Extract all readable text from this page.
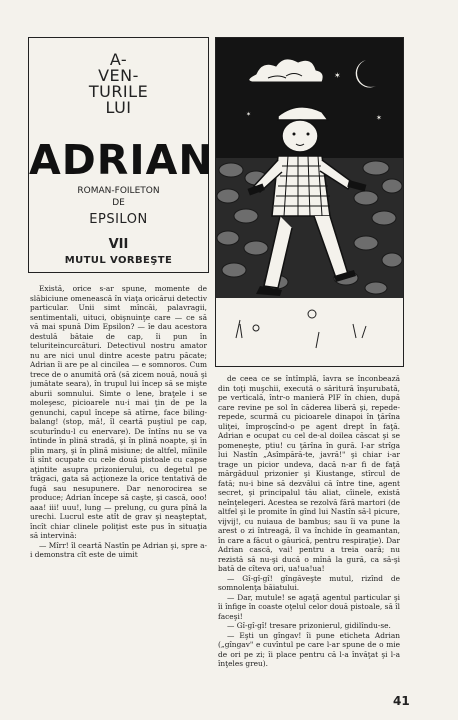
A-
VEN-
TURILE
LUI
ADRIAN
ROMAN-FOILETON
DE
EPSILON
VII
MUTUL VORBEŞTE
✶
✶	✶

Există, orice s-ar spune, momente de slăbiciune omenească în viaţa oricărui detectiv particular. Unii simt mîncăi, palavragii, sentimentali, uituci, obişnuinţe care — ce să vă mai spună Dim Epsilon? — îe dau acestora destulă bătaie de cap, îi pun în teluriteincurcături. Detectivul nostru amator nu are nici unul dintre aceste patru păcate; Adrian îi are pe al cincilea — e somnoros. Cum trece de o anumită oră (să zicem nouă, nouă şi jumătate seara), în trupul lui încep să se mişte aburii somnului. Simte o lene, braţele i se moleşesc, picioarele nu-i mai ţin de pe la genunchi, capul începe să atîrne, face biling-balang! (stop, mă!, îl ceartă puştiul pe cap, scuturîndu-l cu enervare). De întîns nu se va întinde în plină stradă, şi în plină noapte, şi în plin marş, şi în plină misiune; de altfel, mîinile îi sînt ocupate cu cele două pistoale cu capse aţintite asupra prizonierului, cu degetul pe trăgaci, gata să acţioneze la orice tentativă de fugă sau nesupunere. Dar nenorocirea se produce; Adrian începe să caşte, şi cască, ooo! aaa! iii! uuu!, lung — prelung, cu gura pînă la urechi. Lucrul este atît de grav şi neaşteptat, încît chiar clinele poliţist este pus în situaţia să intervină:

— Mîrr! îl ceartă Nastîn pe Adrian şi, spre a-i demonstra cît este de uimit

de ceea ce se întîmplă, îavra se înconbează din toţi muşchii, execută o săritură înşurubată, pe verticală, într-o manieră PIF în chien, după care revine pe sol în căderea liberă şi, repede-repede, scurmă cu picioarele dinapoi în ţărîna uliţei, împroşcînd-o pe agent drept în faţă. Adrian e ocupat cu cel de-al doilea căscat şi se pomeneşte, ptiu! cu ţărîna în gură. I-ar strîga lui Nastîn „Asîmpără-te, javră!" şi chiar i-ar trage un picior undeva, dacă n-ar fi de faţă mărgăduul prizonier şi Kiustange, stîrcul de fată; nu-i bine să dezvălui că între tine, agent secret, şi principalul tău aliat, cîinele, există neînţelegeri. Acestea se rezolvă fără martori (de altfel şi le promite în gînd lui Nastîn să-l picure, vijvij!, cu nuiaua de bambus; sau îi va pune la arest o zi întreagă, îl va închide în geamantan, în care a făcut o găurică, pentru respiraţie). Dar Adrian cască, vai! pentru a treia oară; nu rezistă să nu-şi ducă o mînă la gură, ca să-şi bată de cîteva ori, ua!ua!ua!

— Gî-gî-gî! gîngăveşte mutul, rizînd de somnolenţa băiatului.

— Dar, mutule! se agaţă agentul particular şi îi înfige în coaste oţelul celor două pistoale, să îl faceşi!

— Gî-gî-gî! tresare prizonierul, gidilîndu-se.

— Eşti un gîngav! îi pune eticheta Adrian („gîngav" e cuvîntul pe care l-ar spune de o mie de ori pe zi; îi place pentru că l-a învăţat şi l-a înţeles greu).

41
